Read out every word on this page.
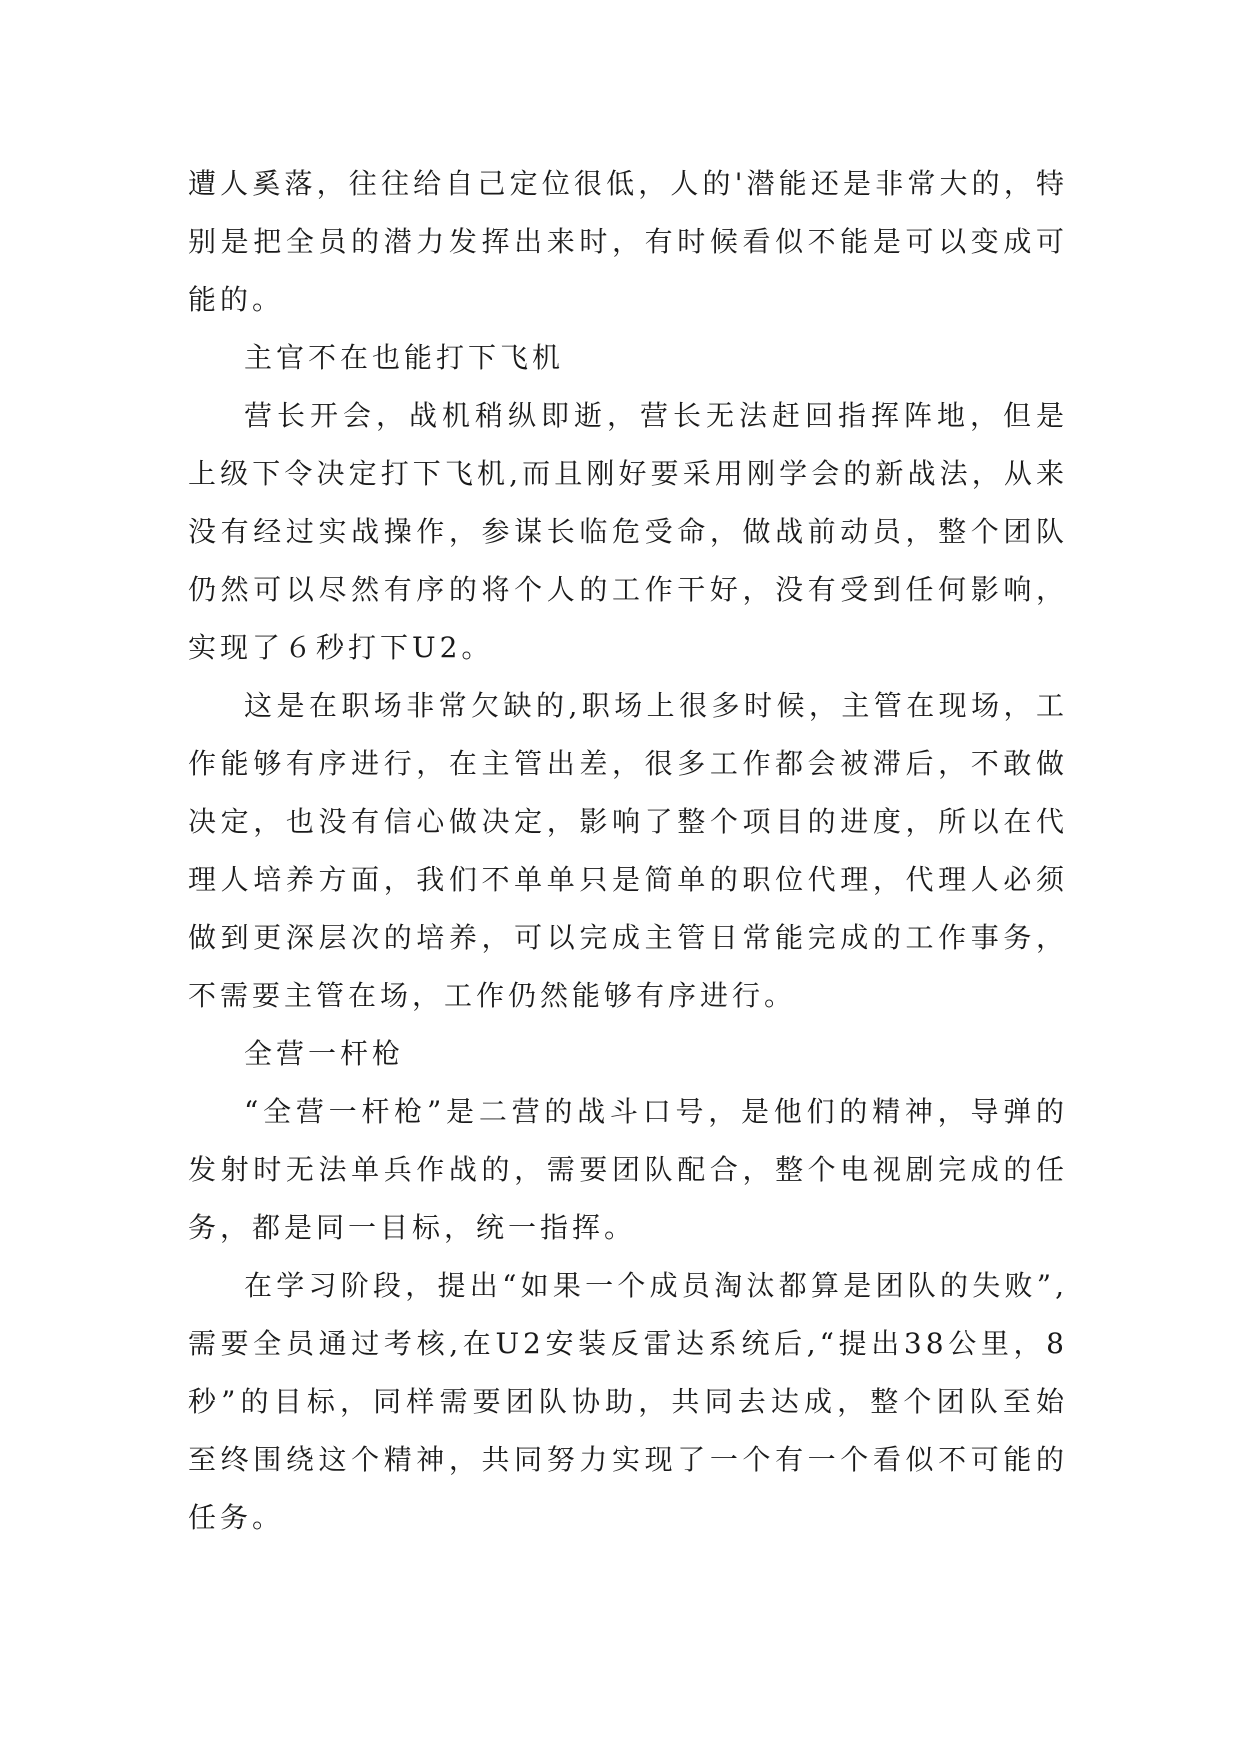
遭人奚落，往往给自己定位很低，人的'潜能还是非常大的，特别是把全员的潜力发挥出来时，有时候看似不能是可以变成可能的。

主官不在也能打下飞机

营长开会，战机稍纵即逝，营长无法赶回指挥阵地，但是上级下令决定打下飞机,而且刚好要采用刚学会的新战法，从来没有经过实战操作，参谋长临危受命，做战前动员，整个团队仍然可以尽然有序的将个人的工作干好，没有受到任何影响，实现了６秒打下U2。

这是在职场非常欠缺的,职场上很多时候，主管在现场，工作能够有序进行，在主管出差，很多工作都会被滞后，不敢做决定，也没有信心做决定，影响了整个项目的进度，所以在代理人培养方面，我们不单单只是简单的职位代理，代理人必须做到更深层次的培养，可以完成主管日常能完成的工作事务，不需要主管在场，工作仍然能够有序进行。

全营一杆枪

“全营一杆枪”是二营的战斗口号，是他们的精神，导弹的发射时无法单兵作战的，需要团队配合，整个电视剧完成的任务，都是同一目标，统一指挥。

在学习阶段，提出“如果一个成员淘汰都算是团队的失败”,需要全员通过考核,在U2安装反雷达系统后,“提出38公里，8秒”的目标，同样需要团队协助，共同去达成，整个团队至始至终围绕这个精神，共同努力实现了一个有一个看似不可能的任务。
